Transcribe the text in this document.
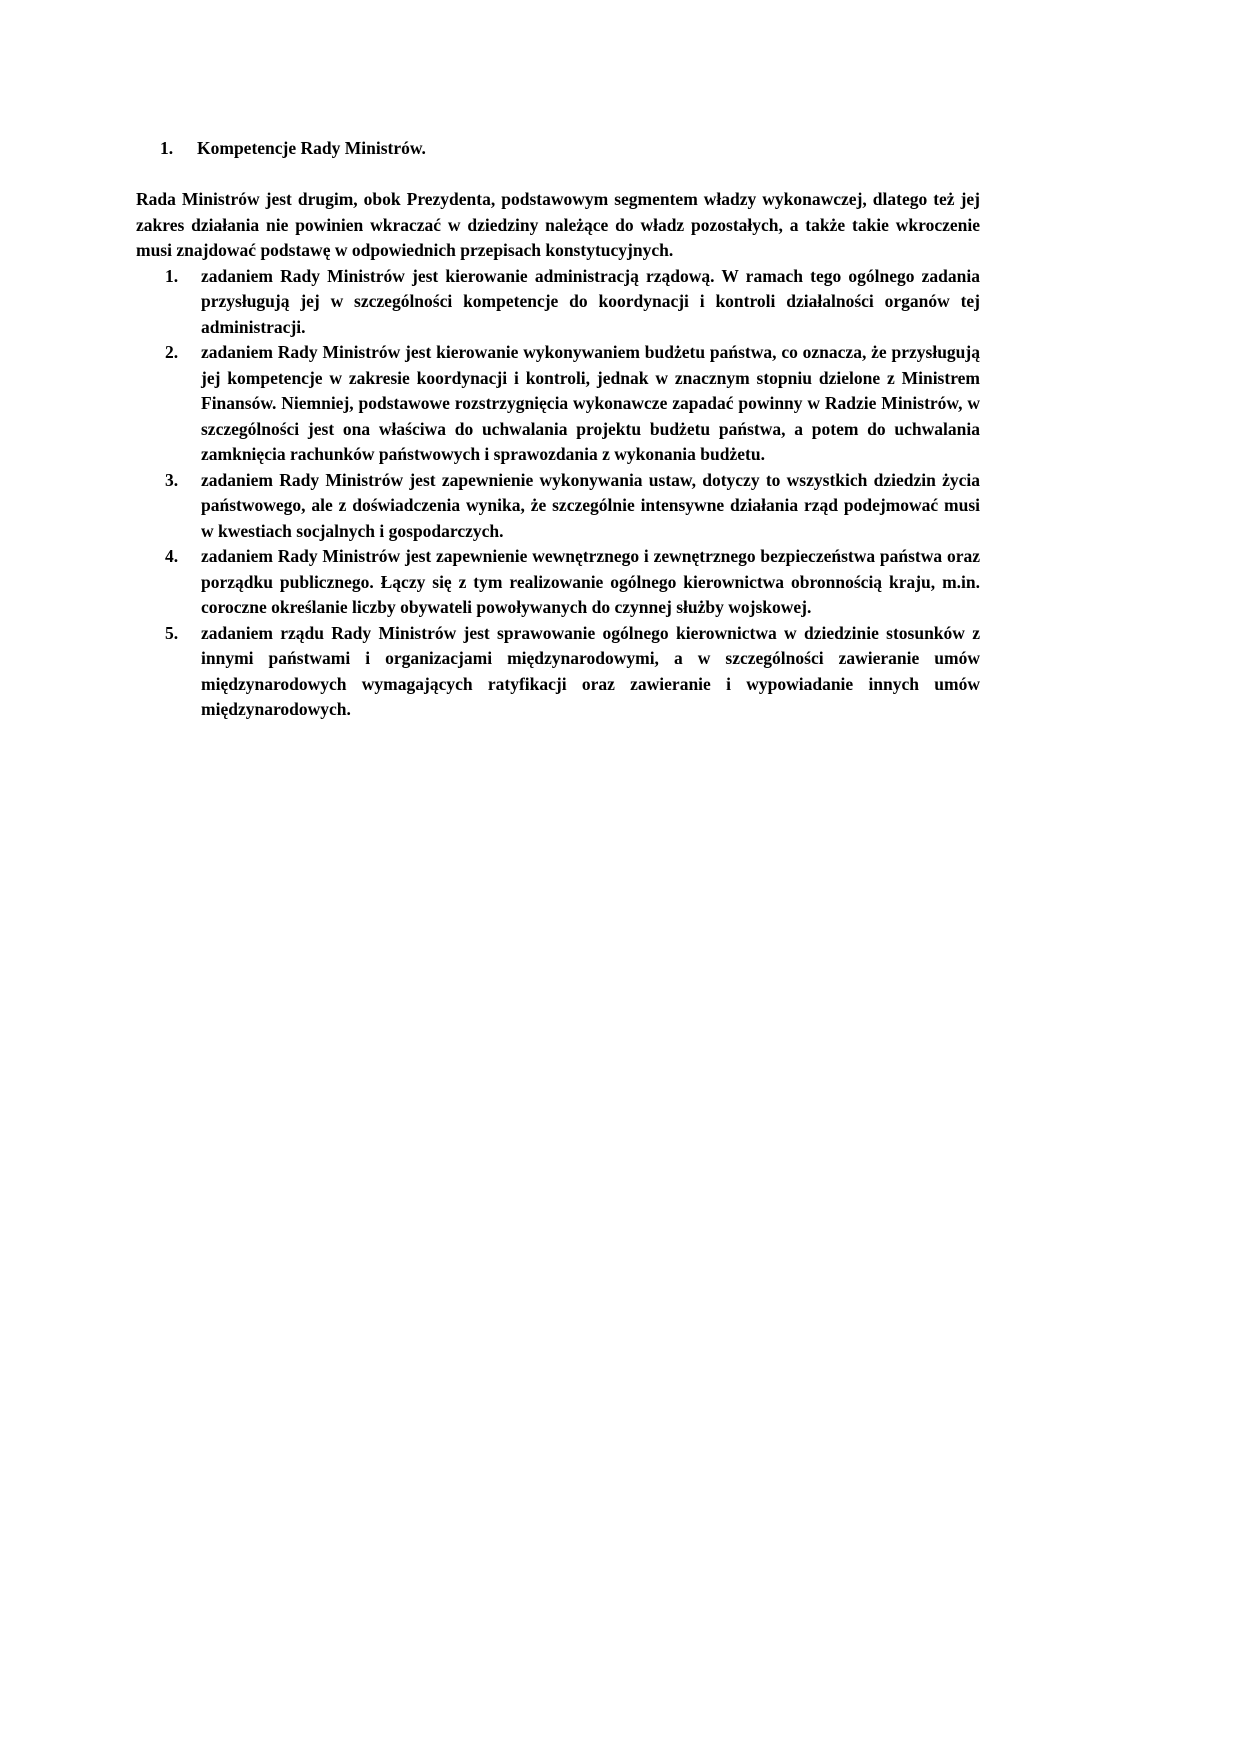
1.	Kompetencje Rady Ministrów.

Rada Ministrów jest drugim, obok Prezydenta, podstawowym segmentem władzy wykonawczej, dlatego też jej zakres działania nie powinien wkraczać w dziedziny należące do władz pozostałych, a także takie wkroczenie musi znajdować podstawę w odpowiednich przepisach konstytucyjnych.

1.	zadaniem Rady Ministrów jest kierowanie administracją rządową. W ramach tego ogólnego zadania przysługują jej w szczególności kompetencje do koordynacji i kontroli działalności organów tej administracji.
2.	zadaniem Rady Ministrów jest kierowanie wykonywaniem budżetu państwa, co oznacza, że przysługują jej kompetencje w zakresie koordynacji i kontroli, jednak w znacznym stopniu dzielone z Ministrem Finansów. Niemniej, podstawowe rozstrzygnięcia wykonawcze zapadać powinny w Radzie Ministrów, w szczególności jest ona właściwa do uchwalania projektu budżetu państwa, a potem do uchwalania zamknięcia rachunków państwowych i sprawozdania z wykonania budżetu.
3.	zadaniem Rady Ministrów jest zapewnienie wykonywania ustaw, dotyczy to wszystkich dziedzin życia państwowego, ale z doświadczenia wynika, że szczególnie intensywne działania rząd podejmować musi w kwestiach socjalnych i gospodarczych.
4.	zadaniem Rady Ministrów jest zapewnienie wewnętrznego i zewnętrznego bezpieczeństwa państwa oraz porządku publicznego. Łączy się z tym realizowanie ogólnego kierownictwa obronnością kraju, m.in. coroczne określanie liczby obywateli powoływanych do czynnej służby wojskowej.
5.	zadaniem rządu Rady Ministrów jest sprawowanie ogólnego kierownictwa w dziedzinie stosunków z innymi państwami i organizacjami międzynarodowymi, a w szczególności zawieranie umów międzynarodowych wymagających ratyfikacji oraz zawieranie i wypowiadanie innych umów międzynarodowych.
